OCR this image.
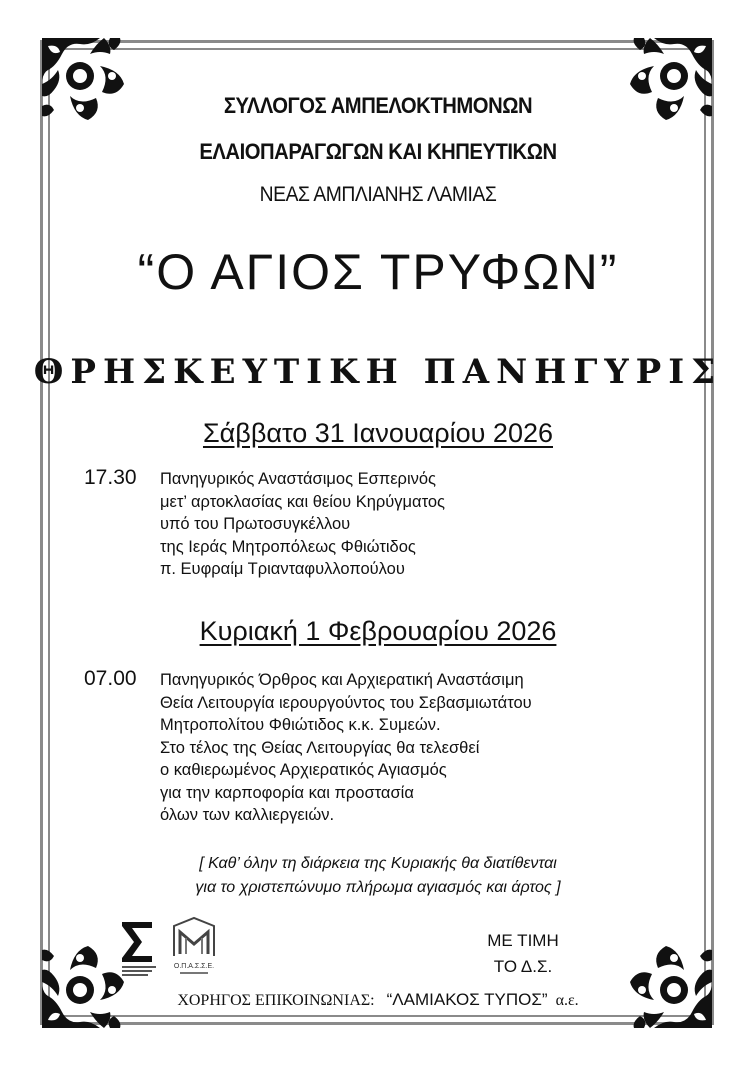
ΣΥΛΛΟΓΟΣ ΑΜΠΕΛΟΚΤΗΜΟΝΩΝ
ΕΛΑΙΟΠΑΡΑΓΩΓΩΝ ΚΑΙ ΚΗΠΕΥΤΙΚΩΝ
ΝΕΑΣ ΑΜΠΛΙΑΝΗΣ ΛΑΜΙΑΣ
“Ο ΑΓΙΟΣ ΤΡΥΦΩΝ”
ΘΡΗΣΚΕΥΤΙΚΗ ΠΑΝΗΓΥΡΙΣ
Σάββατο 31 Ιανουαρίου 2026
17.30 Πανηγυρικός Αναστάσιμος Εσπερινός
μετ’ αρτοκλασίας και θείου Κηρύγματος
υπό του Πρωτοσυγκέλλου
της Ιεράς Μητροπόλεως Φθιώτιδος
π. Ευφραίμ Τριανταφυλλοπούλου
Κυριακή 1 Φεβρουαρίου 2026
07.00 Πανηγυρικός Όρθρος και Αρχιερατική Αναστάσιμη
Θεία Λειτουργία ιερουργούντος του Σεβασμιωτάτου
Μητροπολίτου Φθιώτιδος κ.κ. Συμεών.
Στο τέλος της Θείας Λειτουργίας θα τελεσθεί
ο καθιερωμένος Αρχιερατικός Αγιασμός
για την καρποφορία και προστασία
όλων των καλλιεργειών.
[ Καθ’ όλην τη διάρκεια της Κυριακής θα διατίθενται
για το χριστεπώνυμο πλήρωμα αγιασμός και άρτος ]
Ο.Π.Α.Σ.Σ.Ε.
ΜΕ ΤΙΜΗ
ΤΟ Δ.Σ.
ΧΟΡΗΓΟΣ ΕΠΙΚΟΙΝΩΝΙΑΣ: “ΛΑΜΙΑΚΟΣ ΤΥΠΟΣ” α.ε.
